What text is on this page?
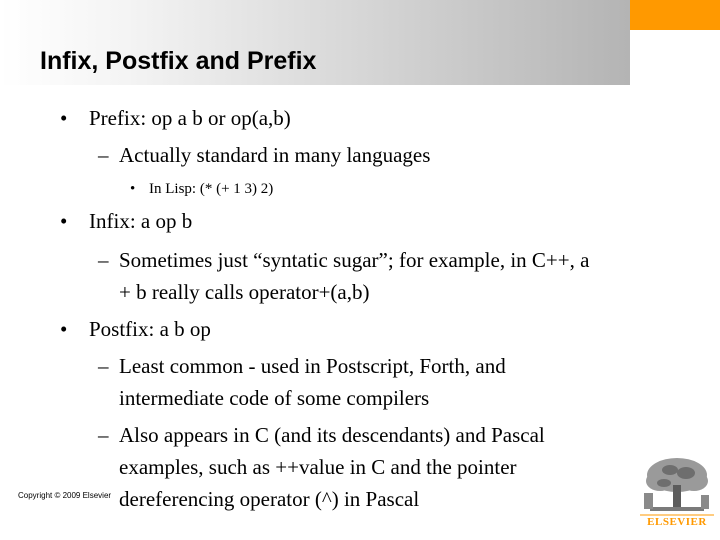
Infix, Postfix and Prefix
• Prefix: op a b or op(a,b)
– Actually standard in many languages
• In Lisp: (* (+ 1 3) 2)
• Infix: a op b
– Sometimes just “syntatic sugar”; for example, in C++, a
+ b really calls operator+(a,b)
• Postfix: a b op
– Least common - used in Postscript, Forth, and
intermediate code of some compilers
– Also appears in C (and its descendants) and Pascal
examples, such as ++value in C and the pointer
dereferencing operator (^) in Pascal
Copyright © 2009 Elsevier
ELSEVIER
